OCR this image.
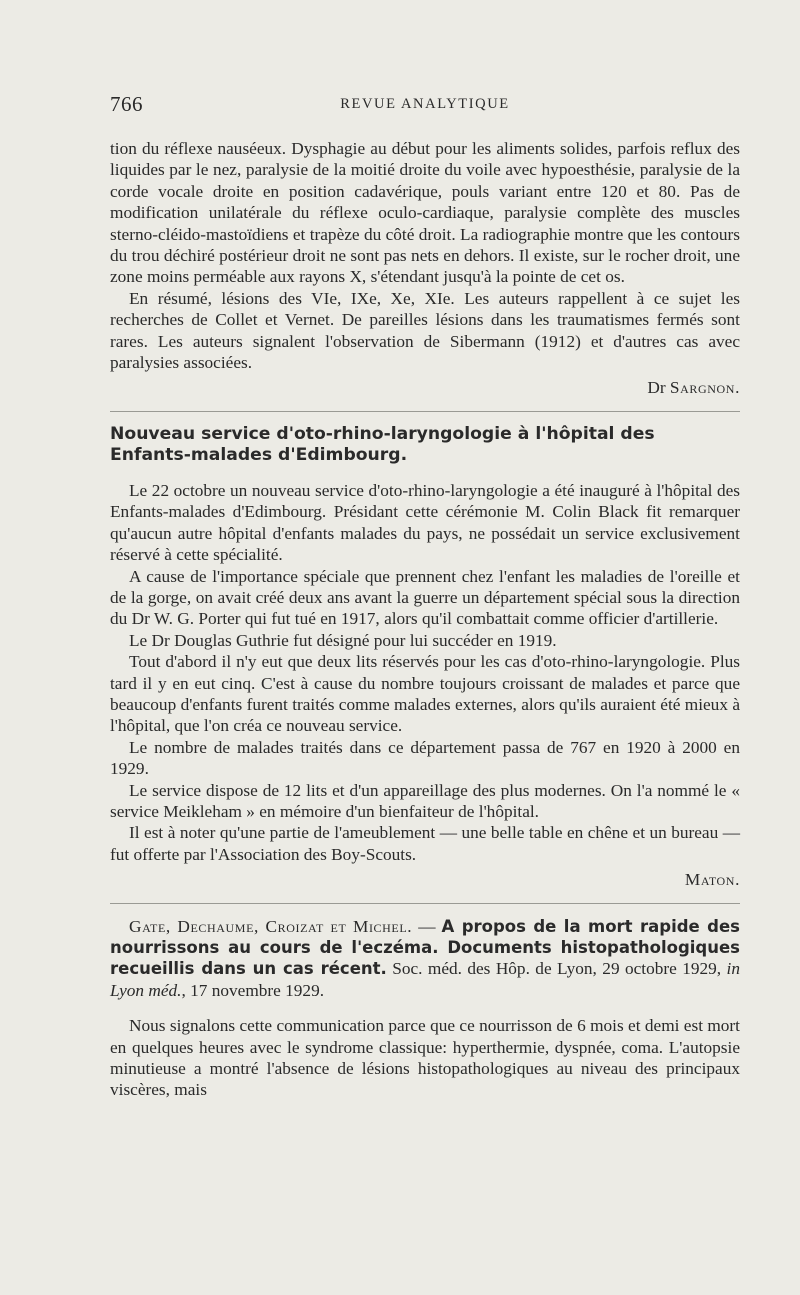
766	REVUE ANALYTIQUE

tion du réflexe nauséeux. Dysphagie au début pour les aliments solides, parfois reflux des liquides par le nez, paralysie de la moitié droite du voile avec hypoesthésie, paralysie de la corde vocale droite en position cadavérique, pouls variant entre 120 et 80. Pas de modification unilatérale du réflexe oculo-cardiaque, paralysie complète des muscles sterno-cléido-mastoïdiens et trapèze du côté droit. La radiographie montre que les contours du trou déchiré postérieur droit ne sont pas nets en dehors. Il existe, sur le rocher droit, une zone moins perméable aux rayons X, s'étendant jusqu'à la pointe de cet os.

En résumé, lésions des VIe, IXe, Xe, XIe. Les auteurs rappellent à ce sujet les recherches de Collet et Vernet. De pareilles lésions dans les traumatismes fermés sont rares. Les auteurs signalent l'observation de Sibermann (1912) et d'autres cas avec paralysies associées.

Dr Sargnon.

Nouveau service d'oto-rhino-laryngologie à l'hôpital des Enfants-malades d'Edimbourg.

Le 22 octobre un nouveau service d'oto-rhino-laryngologie a été inauguré à l'hôpital des Enfants-malades d'Edimbourg. Présidant cette cérémonie M. Colin Black fit remarquer qu'aucun autre hôpital d'enfants malades du pays, ne possédait un service exclusivement réservé à cette spécialité.

A cause de l'importance spéciale que prennent chez l'enfant les maladies de l'oreille et de la gorge, on avait créé deux ans avant la guerre un département spécial sous la direction du Dr W. G. Porter qui fut tué en 1917, alors qu'il combattait comme officier d'artillerie.

Le Dr Douglas Guthrie fut désigné pour lui succéder en 1919.

Tout d'abord il n'y eut que deux lits réservés pour les cas d'oto-rhino-laryngologie. Plus tard il y en eut cinq. C'est à cause du nombre toujours croissant de malades et parce que beaucoup d'enfants furent traités comme malades externes, alors qu'ils auraient été mieux à l'hôpital, que l'on créa ce nouveau service.

Le nombre de malades traités dans ce département passa de 767 en 1920 à 2000 en 1929.

Le service dispose de 12 lits et d'un appareillage des plus modernes. On l'a nommé le « service Meikleham » en mémoire d'un bienfaiteur de l'hôpital.

Il est à noter qu'une partie de l'ameublement — une belle table en chêne et un bureau — fut offerte par l'Association des Boy-Scouts.

Maton.

Gate, Dechaume, Croizat et Michel. — A propos de la mort rapide des nourrissons au cours de l'eczéma. Documents histopathologiques recueillis dans un cas récent. Soc. méd. des Hôp. de Lyon, 29 octobre 1929, in Lyon méd., 17 novembre 1929.

Nous signalons cette communication parce que ce nourrisson de 6 mois et demi est mort en quelques heures avec le syndrome classique: hyperthermie, dyspnée, coma. L'autopsie minutieuse a montré l'absence de lésions histopathologiques au niveau des principaux viscères, mais
